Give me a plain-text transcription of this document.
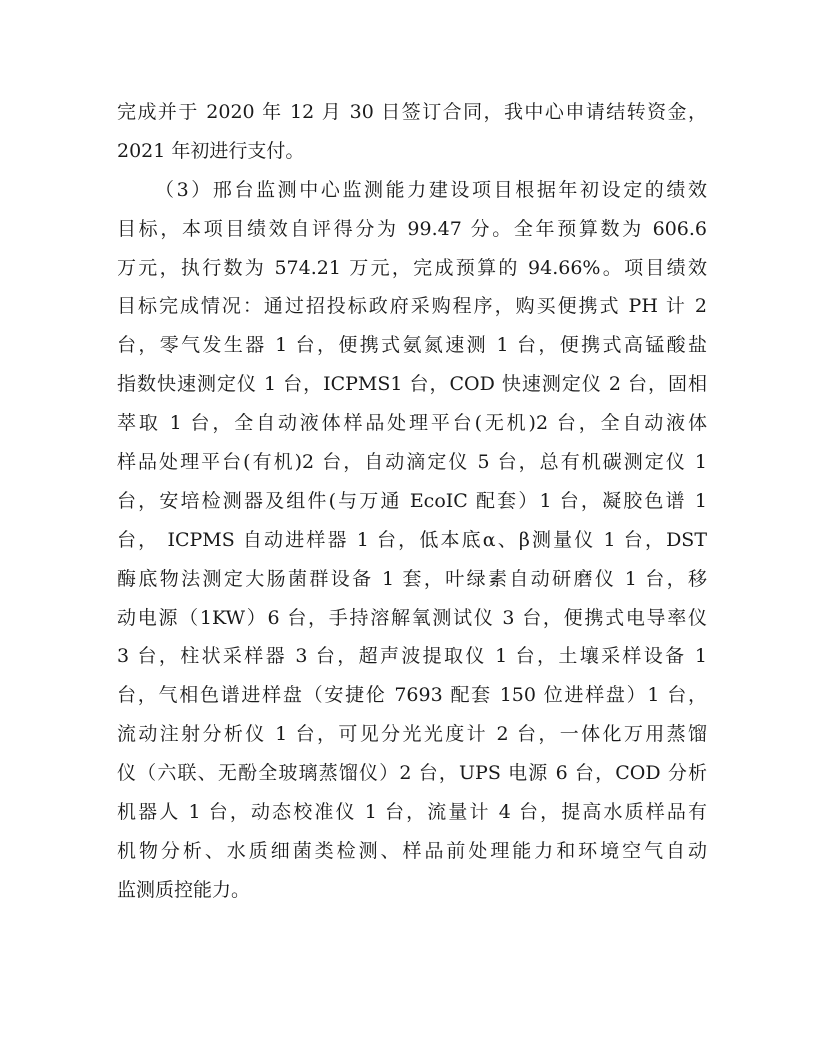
完成并于 2020 年 12 月 30 日签订合同，我中心申请结转资金，
2021 年初进行支付。
（3）邢台监测中心监测能力建设项目根据年初设定的绩效
目标，本项目绩效自评得分为 99.47 分。全年预算数为 606.6
万元，执行数为 574.21 万元，完成预算的 94.66%。项目绩效
目标完成情况：通过招投标政府采购程序，购买便携式 PH 计 2
台，零气发生器 1 台，便携式氨氮速测 1 台，便携式高锰酸盐
指数快速测定仪 1 台，ICPMS1 台，COD 快速测定仪 2 台，固相
萃取 1 台，全自动液体样品处理平台(无机)2 台，全自动液体
样品处理平台(有机)2 台，自动滴定仪 5 台，总有机碳测定仪 1
台，安培检测器及组件(与万通 EcoIC 配套）1 台，凝胶色谱 1
台， ICPMS 自动进样器 1 台，低本底α、β测量仪 1 台，DST
酶底物法测定大肠菌群设备 1 套，叶绿素自动研磨仪 1 台，移
动电源（1KW）6 台，手持溶解氧测试仪 3 台，便携式电导率仪
3 台，柱状采样器 3 台，超声波提取仪 1 台，土壤采样设备 1
台，气相色谱进样盘（安捷伦 7693 配套 150 位进样盘）1 台，
流动注射分析仪 1 台，可见分光光度计 2 台，一体化万用蒸馏
仪（六联、无酚全玻璃蒸馏仪）2 台，UPS 电源 6 台，COD 分析
机器人 1 台，动态校准仪 1 台，流量计 4 台，提高水质样品有
机物分析、水质细菌类检测、样品前处理能力和环境空气自动
监测质控能力。
